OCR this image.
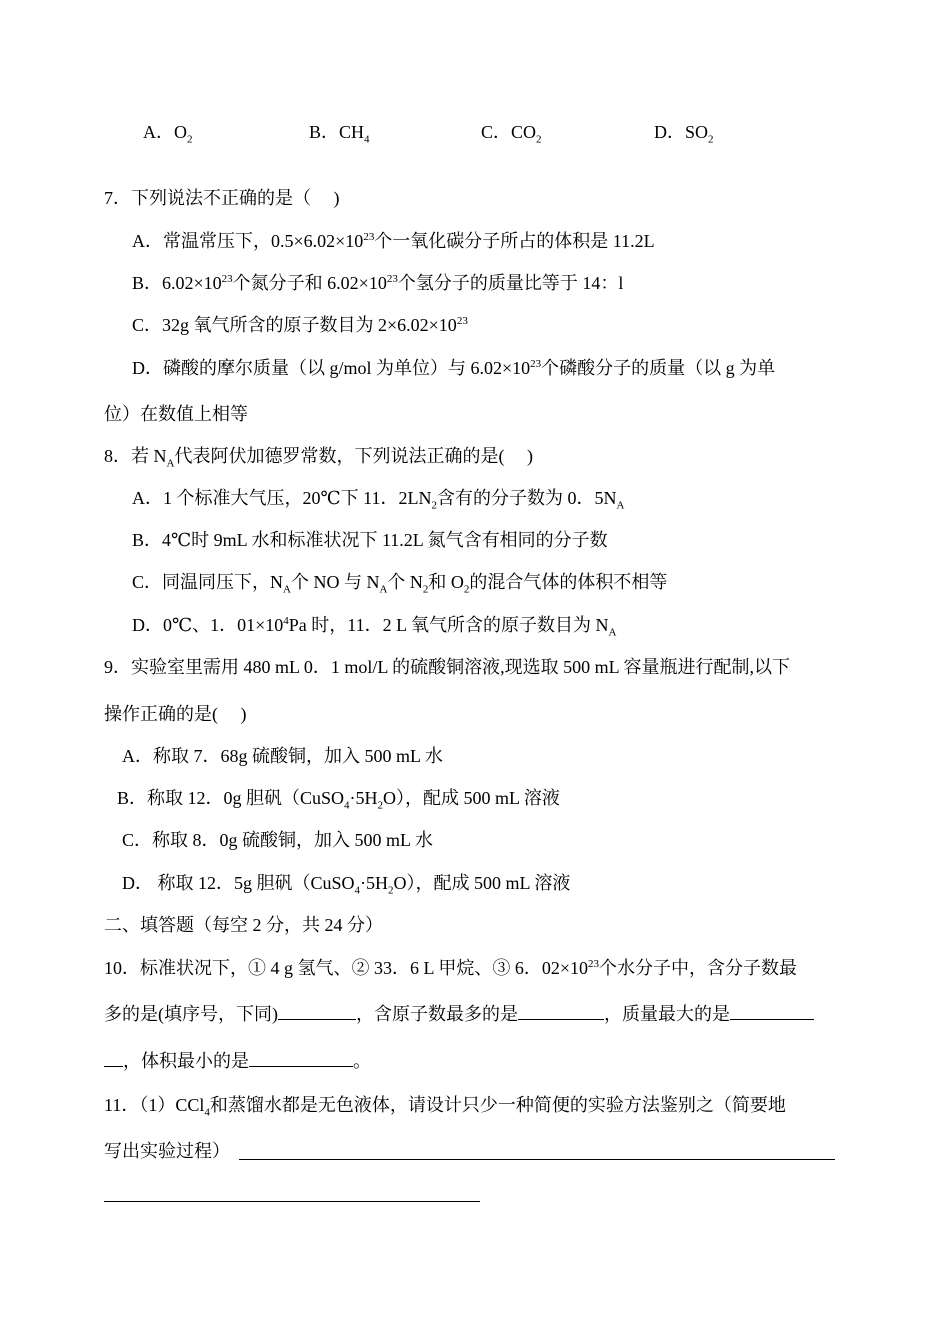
A．$O_2$	B．$CH_4$	C．$CO_2$	D．$SO_2$
7．下列说法不正确的是（　 )
A．常温常压下，$0.5\times 6.02\times 10^{23}$个一氧化碳分子所占的体积是 11.2L
B．$6.02\times 10^{23}$个氮分子和 $6.02\times 10^{23}$个氢分子的质量比等于 14：l
C．32g 氧气所含的原子数目为 $2\times 6.02\times 10^{23}$
D．磷酸的摩尔质量（以 g/mol 为单位）与 $6.02\times 10^{23}$个磷酸分子的质量（以 g 为单
位）在数值上相等
8．若 $N_A$代表阿伏加德罗常数，下列说法正确的是(　 )
A．1 个标准大气压，20℃下 11．$2LN_2$含有的分子数为 0．$5N_A$
B．4℃时 9mL 水和标准状况下 11.2L 氮气含有相同的分子数
C．同温同压下，$N_A$个 NO 与 $N_A$个 $N_2$和 $O_2$的混合气体的体积不相等
D．0℃、1．$01\times 10^4Pa$ 时，11．2 L 氧气所含的原子数目为 $N_A$
9．实验室里需用 480 mL 0．1 mol/L 的硫酸铜溶液,现选取 500 mL 容量瓶进行配制,以下
操作正确的是(　 )
A．称取 7．68g 硫酸铜，加入 500 mL 水
B．称取 12．0g 胆矾$(CuSO_4\cdot 5H_2O)$，配成 500 mL 溶液
C．称取 8．0g 硫酸铜，加入 500 mL 水
D． 称取 12．5g 胆矾$(CuSO_4\cdot 5H_2O)$，配成 500 mL 溶液
二、填答题（每空 2 分，共 24 分）
10．标准状况下，① 4 g 氢气、② 33．6 L 甲烷、③ 6．$02\times 10^{23}$个水分子中，含分子数最
多的是(填序号，下同)	，含原子数最多的是	，质量最大的是
，体积最小的是	。
11．（1）CCl$_4$和蒸馏水都是无色液体，请设计只少一种简便的实验方法鉴别之（简要地
写出实验过程）
